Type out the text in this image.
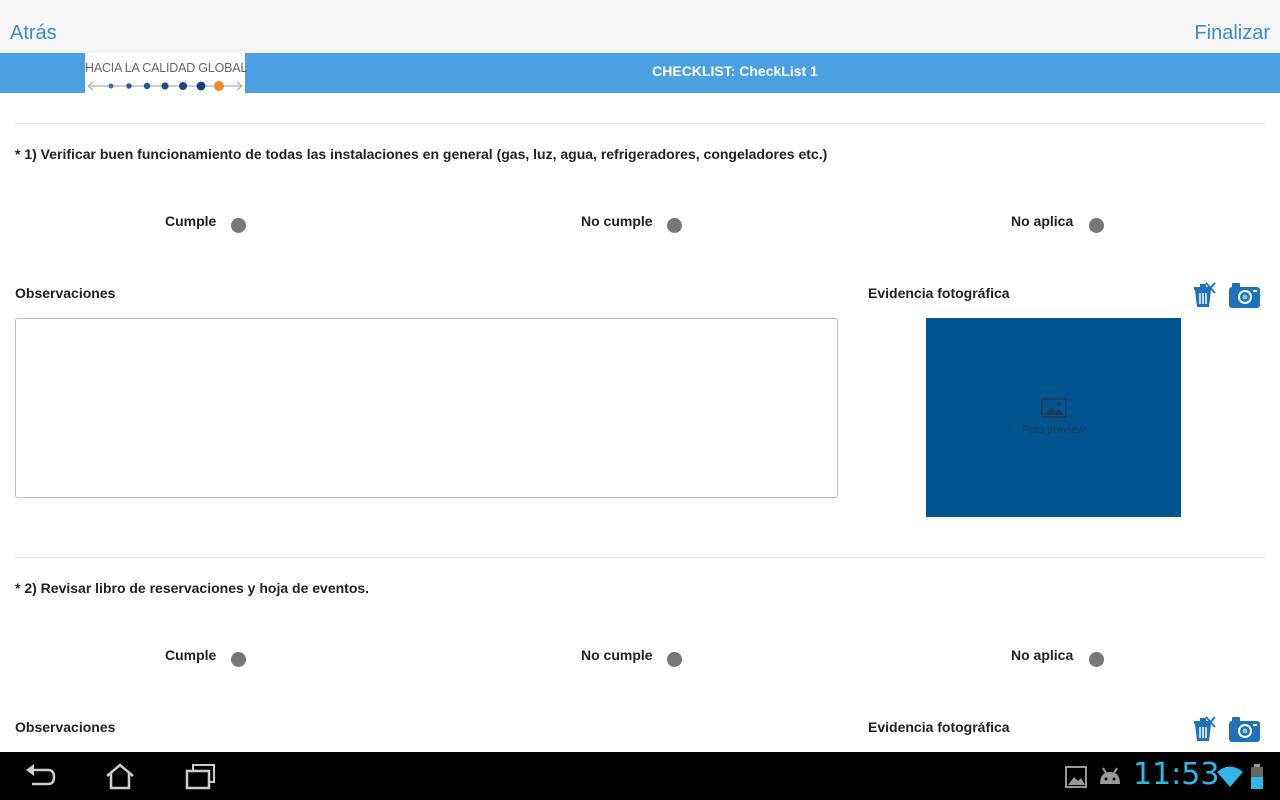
Atrás	Finalizar
CHECKLIST: CheckList 1
HACIA LA CALIDAD GLOBAL
* 1) Verificar buen funcionamiento de todas las instalaciones en general (gas, luz, agua, refrigeradores, congeladores etc.)
Cumple	No cumple	No aplica
Observaciones	Evidencia fotográfica
Foto preview
* 2) Revisar libro de reservaciones y hoja de eventos.
Cumple	No cumple	No aplica
Observaciones	Evidencia fotográfica
11:53
